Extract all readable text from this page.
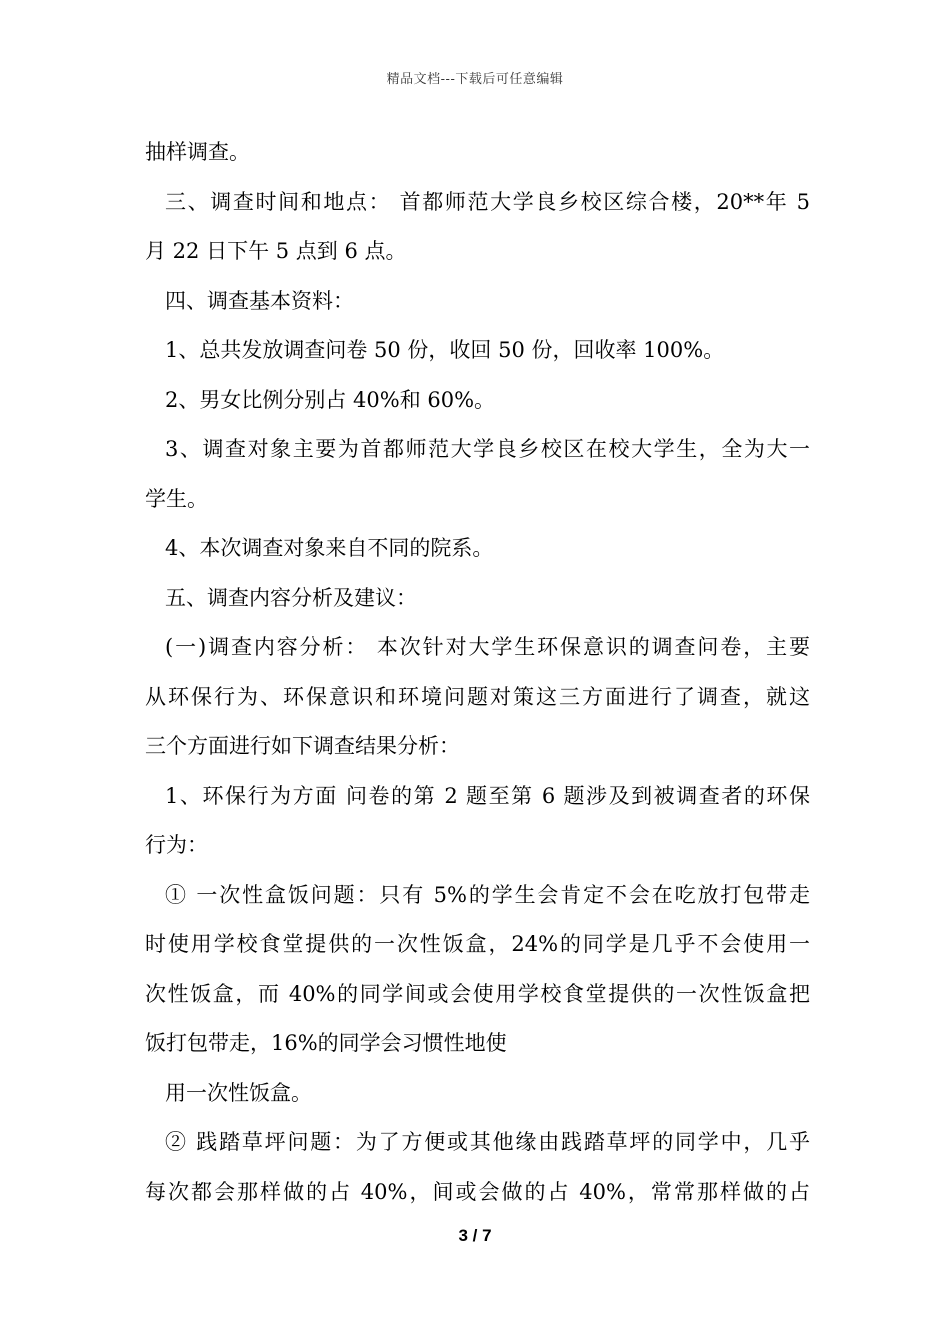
精品文档---下载后可任意编辑

抽样调查。

三、调查时间和地点： 首都师范大学良乡校区综合楼，20**年 5

月 22 日下午 5 点到 6 点。

四、调查基本资料：

1、总共发放调查问卷 50 份，收回 50 份，回收率 100%。

2、男女比例分别占 40%和 60%。

3、调查对象主要为首都师范大学良乡校区在校大学生，全为大一

学生。

4、本次调查对象来自不同的院系。

五、调查内容分析及建议：

(一)调查内容分析： 本次针对大学生环保意识的调查问卷，主要

从环保行为、环保意识和环境问题对策这三方面进行了调查，就这

三个方面进行如下调查结果分析：

1、环保行为方面 问卷的第 2 题至第 6 题涉及到被调查者的环保

行为：

① 一次性盒饭问题：只有 5%的学生会肯定不会在吃放打包带走

时使用学校食堂提供的一次性饭盒，24%的同学是几乎不会使用一

次性饭盒，而 40%的同学间或会使用学校食堂提供的一次性饭盒把

饭打包带走，16%的同学会习惯性地使

用一次性饭盒。

② 践踏草坪问题：为了方便或其他缘由践踏草坪的同学中，几乎

每次都会那样做的占 40%，间或会做的占 40%，常常那样做的占

3 / 7
